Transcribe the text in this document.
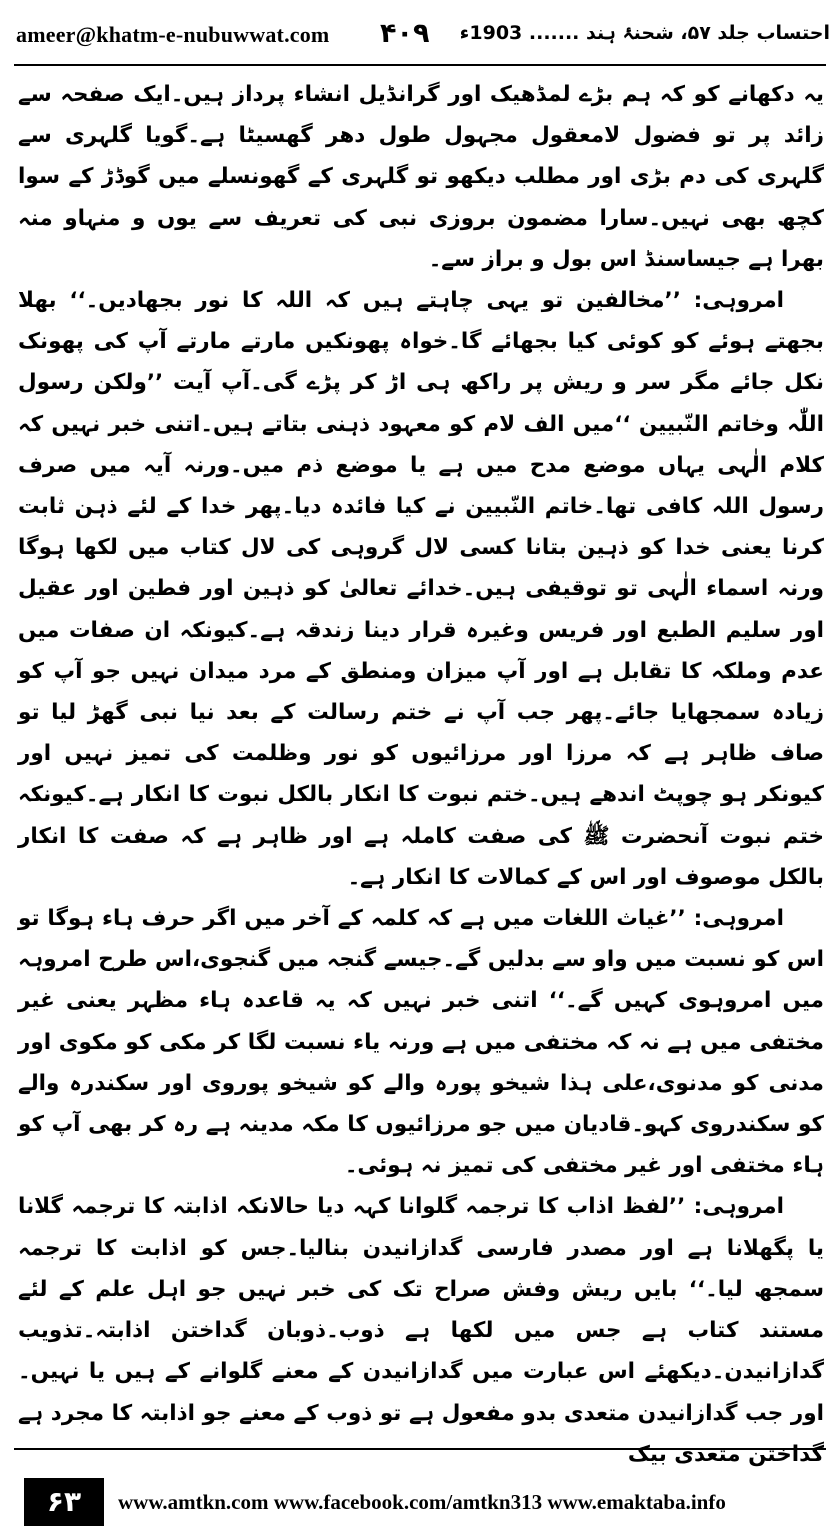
ameer@khatm-e-nubuwwat.com ۴۰۹ احتساب جلد ۵۷، شحنۂ ہند ....... 1903ء

یہ دکھانے کو کہ ہم بڑے لمڈھیک اور گرانڈیل انشاء پرداز ہیں۔ایک صفحہ سے زائد پر تو فضول لامعقول مجہول طول دھر گھسیٹا ہے۔گویا گلہری سے گلہری کی دم بڑی اور مطلب دیکھو تو گلہری کے گھونسلے میں گوڈڑ کے سوا کچھ بھی نہیں۔سارا مضمون بروزی نبی کی تعریف سے یوں و منہاو منہ بھرا ہے جیساسنڈ اس بول و براز سے۔

امروہی: ’’مخالفین تو یہی چاہتے ہیں کہ اللہ کا نور بجھادیں۔‘‘ بھلا بجھتے ہوئے کو کوئی کیا بجھائے گا۔خواہ پھونکیں مارتے مارتے آپ کی پھونک نکل جائے مگر سر و ریش پر راکھ ہی اڑ کر پڑے گی۔آپ آیت ’’ولکن رسول اللّٰہ وخاتم النّبیین ‘‘میں الف لام کو معہود ذہنی بتاتے ہیں۔اتنی خبر نہیں کہ کلام الٰہی یہاں موضع مدح میں ہے یا موضع ذم میں۔ورنہ آیہ میں صرف رسول اللہ کافی تھا۔خاتم النّبیین نے کیا فائدہ دیا۔پھر خدا کے لئے ذہن ثابت کرنا یعنی خدا کو ذہین بتانا کسی لال گروہی کی لال کتاب میں لکھا ہوگا ورنہ اسماء الٰہی تو توقیفی ہیں۔خدائے تعالیٰ کو ذہین اور فطین اور عقیل اور سلیم الطبع اور فریس وغیرہ قرار دینا زندقہ ہے۔کیونکہ ان صفات میں عدم وملکہ کا تقابل ہے اور آپ میزان ومنطق کے مرد میدان نہیں جو آپ کو زیادہ سمجھایا جائے۔پھر جب آپ نے ختم رسالت کے بعد نیا نبی گھڑ لیا تو صاف ظاہر ہے کہ مرزا اور مرزائیوں کو نور وظلمت کی تمیز نہیں اور کیونکر ہو چوپٹ اندھے ہیں۔ختم نبوت کا انکار بالکل نبوت کا انکار ہے۔کیونکہ ختم نبوت آنحضرت ﷺ کی صفت کاملہ ہے اور ظاہر ہے کہ صفت کا انکار بالکل موصوف اور اس کے کمالات کا انکار ہے۔

امروہی: ’’غیاث اللغات میں ہے کہ کلمہ کے آخر میں اگر حرف ہاء ہوگا تو اس کو نسبت میں واو سے بدلیں گے۔جیسے گنجہ میں گنجوی،اس طرح امروہہ میں امروہوی کہیں گے۔‘‘ اتنی خبر نہیں کہ یہ قاعدہ ہاء مظہر یعنی غیر مختفی میں ہے نہ کہ مختفی میں ہے ورنہ یاء نسبت لگا کر مکی کو مکوی اور مدنی کو مدنوی،علی ہذا شیخو پورہ والے کو شیخو پوروی اور سکندرہ والے کو سکندروی کہو۔قادیان میں جو مرزائیوں کا مکہ مدینہ ہے رہ کر بھی آپ کو ہاء مختفی اور غیر مختفی کی تمیز نہ ہوئی۔

امروہی: ’’لفظ اذاب کا ترجمہ گلوانا کہہ دیا حالانکہ اذابتہ کا ترجمہ گلانا یا پگھلانا ہے اور مصدر فارسی گدازانیدن بنالیا۔جس کو اذابت کا ترجمہ سمجھ لیا۔‘‘ بایں ریش وفش صراح تک کی خبر نہیں جو اہل علم کے لئے مستند کتاب ہے جس میں لکھا ہے ذوب۔ذوبان گداختن اذابتہ۔تذویب گدازانیدن۔دیکھئے اس عبارت میں گدازانیدن کے معنے گلوانے کے ہیں یا نہیں۔اور جب گدازانیدن متعدی بدو مفعول ہے تو ذوب کے معنے جو اذابتہ کا مجرد ہے گداختن متعدی بیک

۶۳	www.amtkn.com www.facebook.com/amtkn313 www.emaktaba.info
